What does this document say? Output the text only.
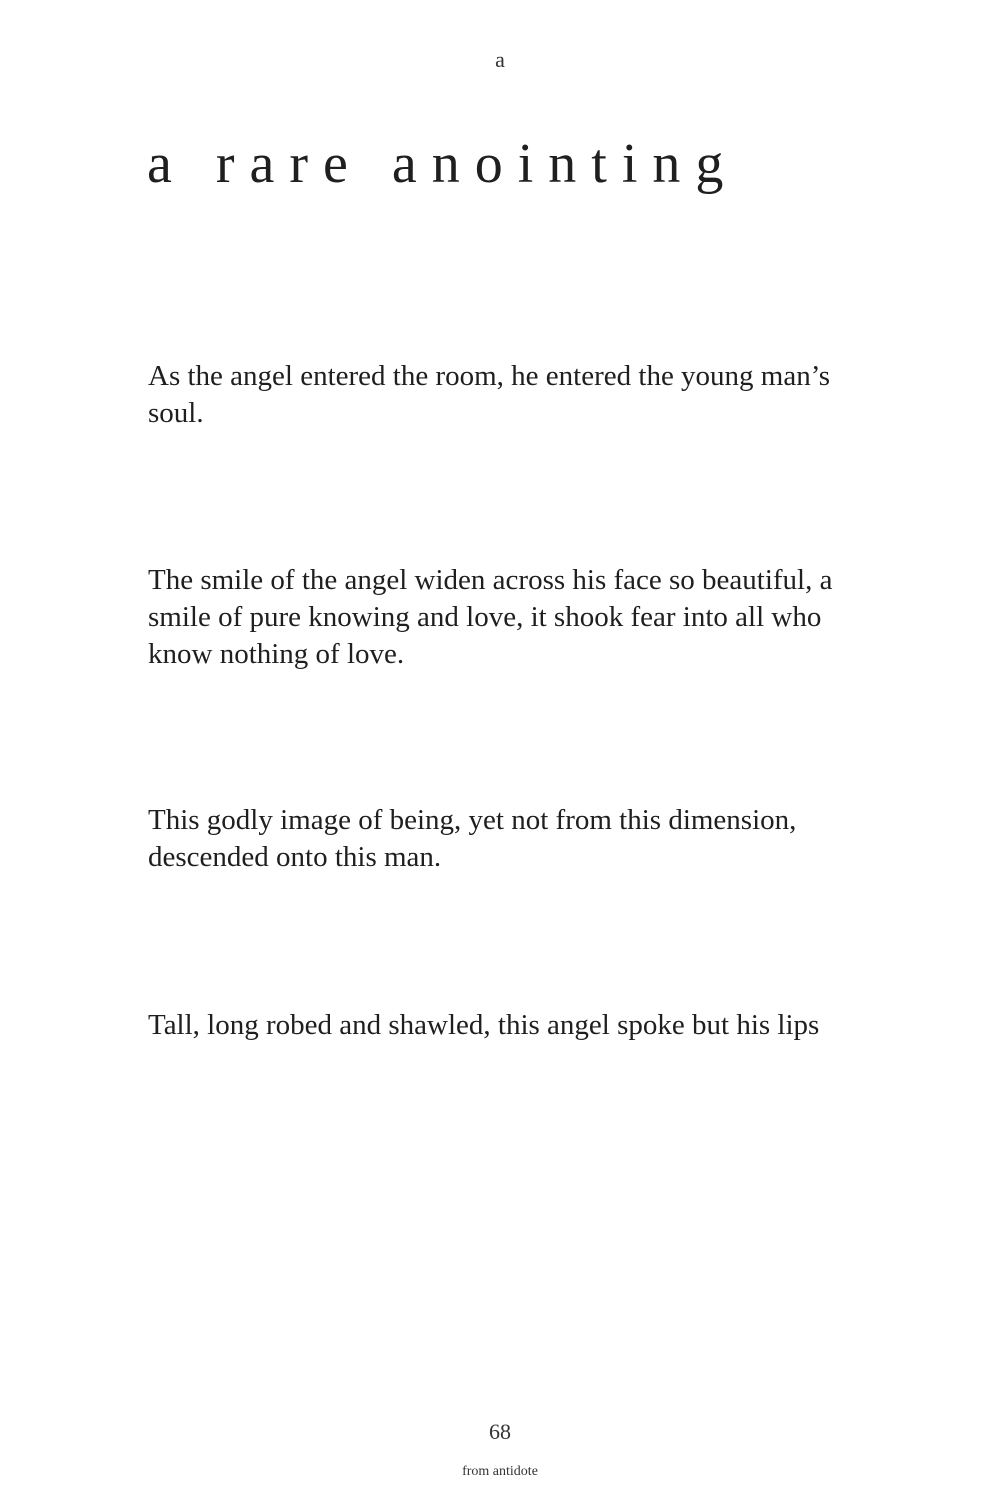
a
a rare anointing

As the angel entered the room, he entered the young man’s soul.

The smile of the angel widen across his face so beautiful, a smile of pure knowing and love, it shook fear into all who know nothing of love.

This godly image of being, yet not from this dimension, descended onto this man.

Tall, long robed and shawled, this angel spoke but his lips

68
from antidote
